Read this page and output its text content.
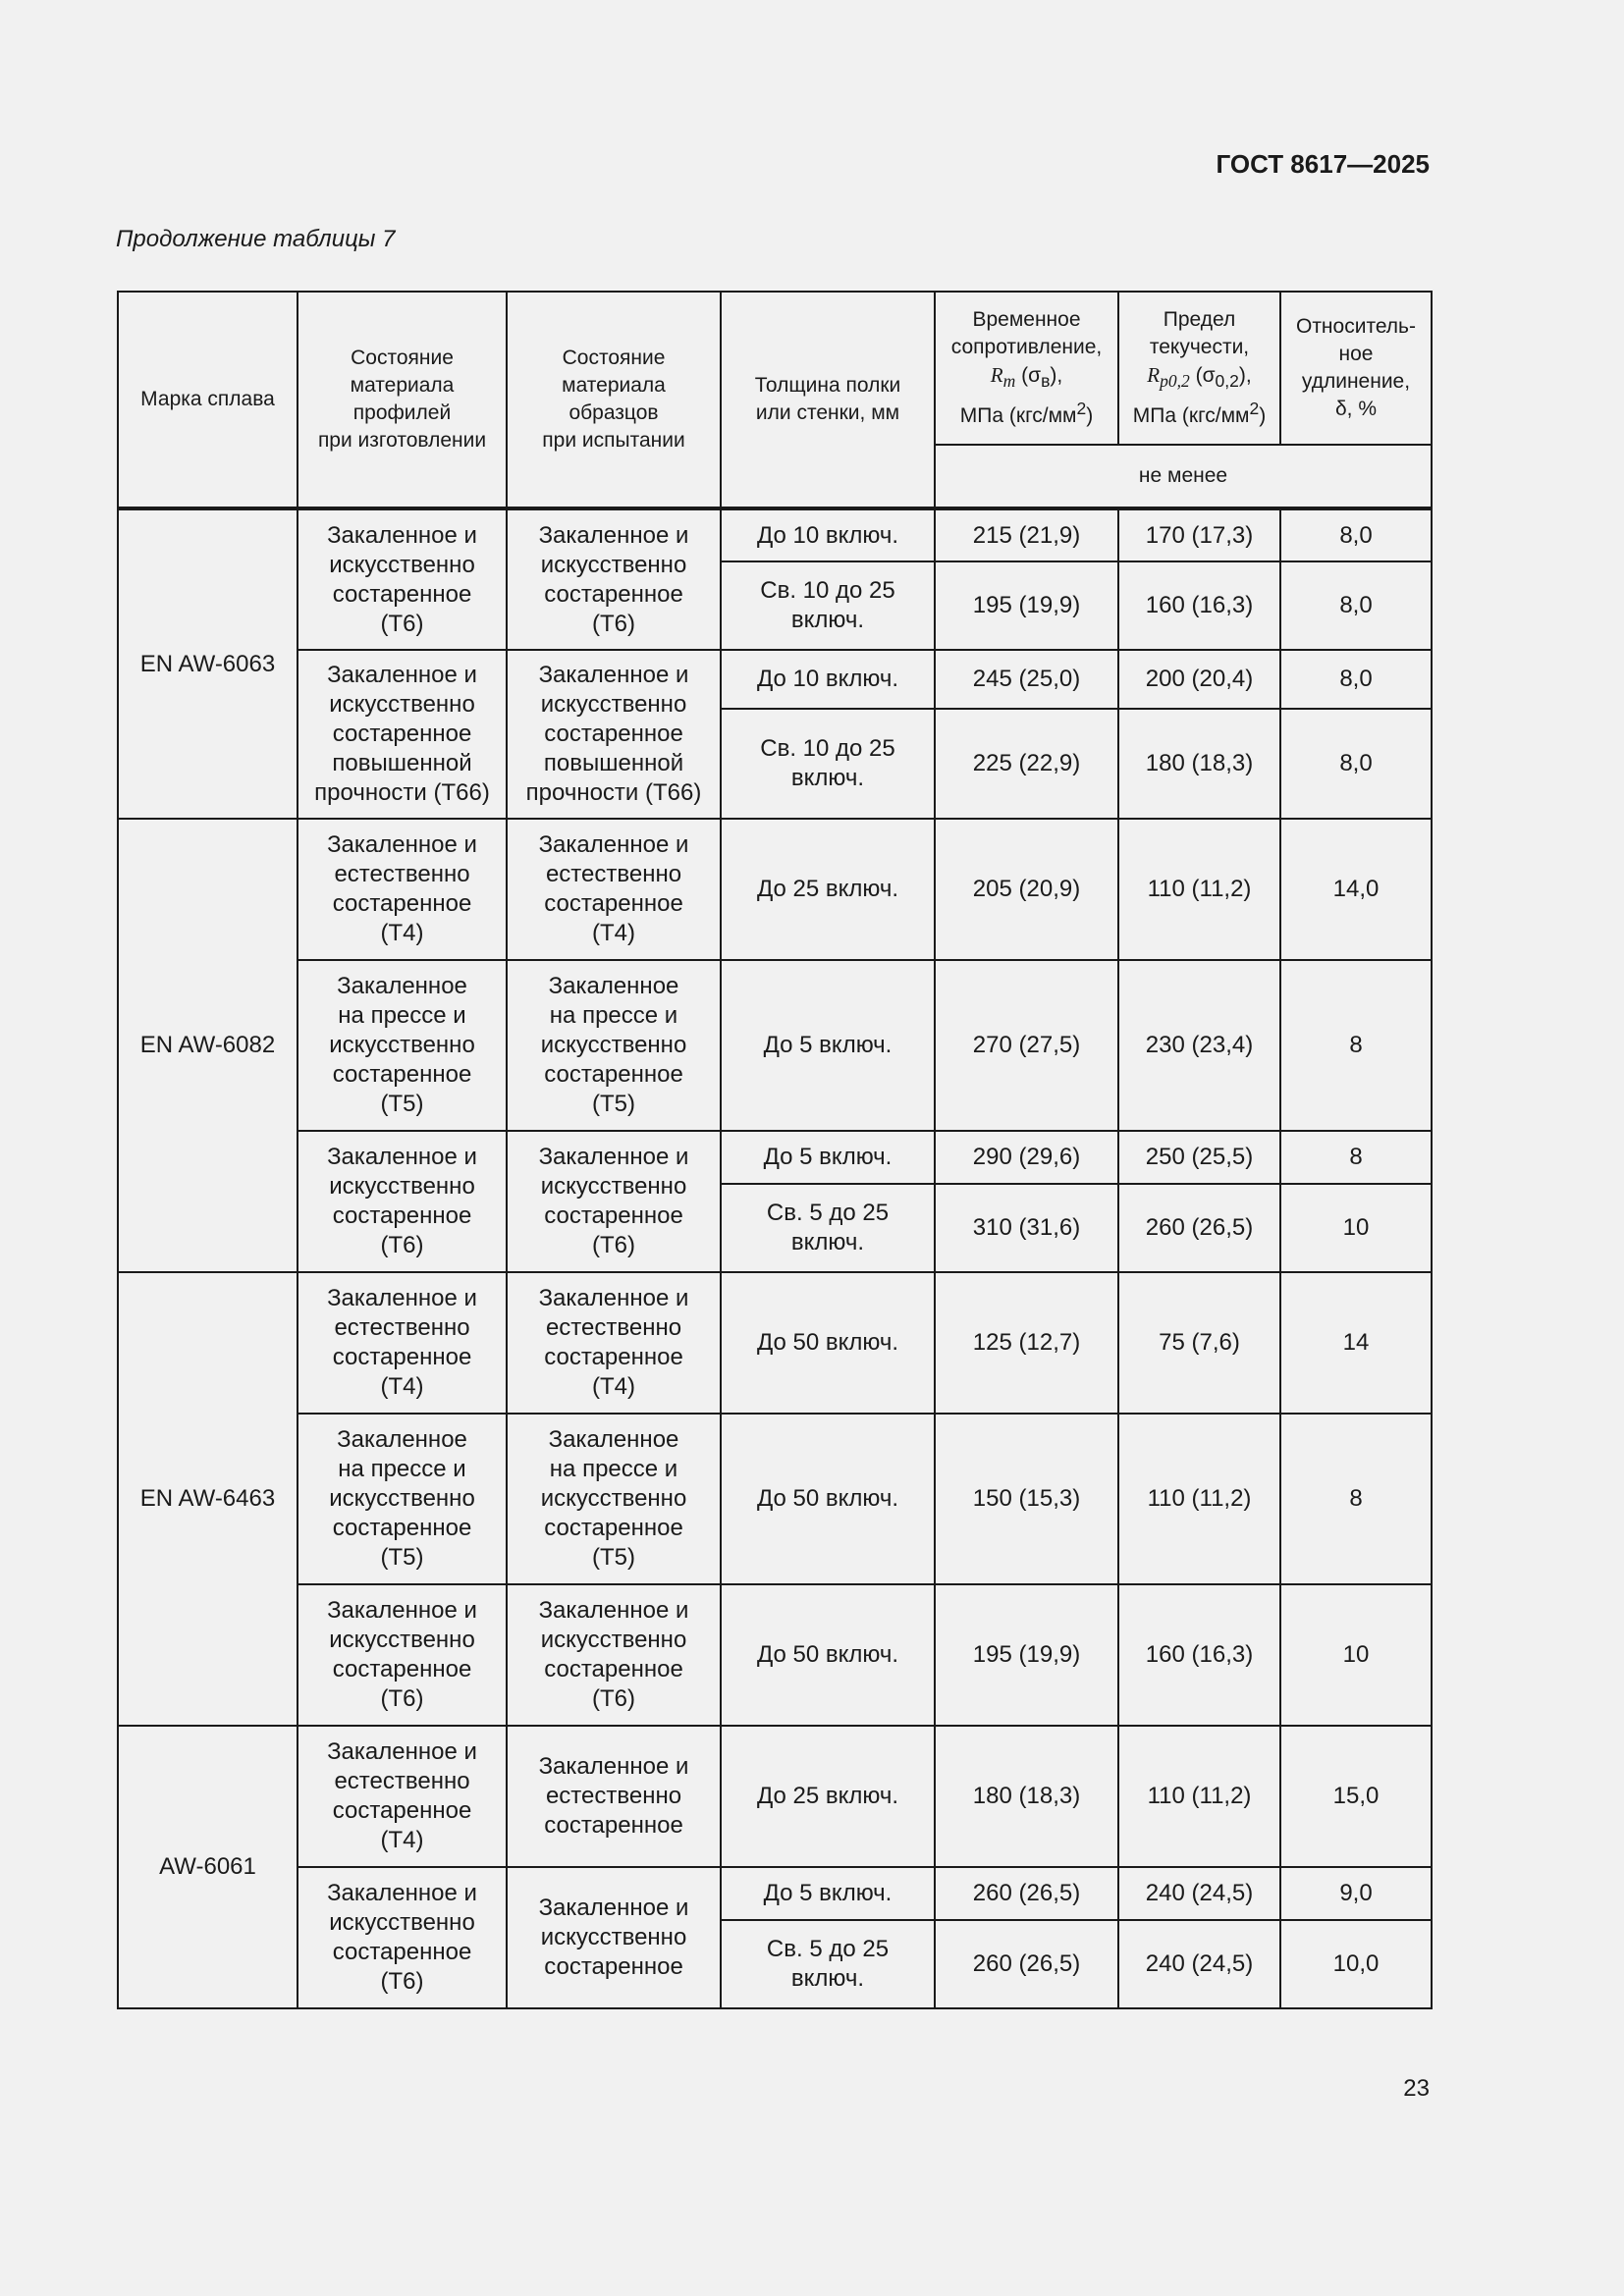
ГОСТ 8617—2025
Продолжение таблицы 7
Марка сплава	Состояние
материала
профилей
при изготовлении	Состояние
материала
образцов
при испытании	Толщина полки
или стенки, мм	Временное
сопротивление,
$R_m$ $(\sigma_в)$,
МПа $(кгс/мм^2)$	Предел
текучести,
$R_{p0,2}$ $(\sigma_{0,2})$,
МПа $(кгс/мм^2)$	Относитель-
ное
удлинение,
δ, %
				не менее		
EN AW-6063	Закаленное и
искусственно
состаренное
(Т6)	Закаленное и
искусственно
состаренное
(Т6)	До 10 включ.	215 (21,9)	170 (17,3)	8,0
			Св. 10 до 25
включ.	195 (19,9)	160 (16,3)	8,0
	Закаленное и
искусственно
состаренное
повышенной
прочности (Т66)	Закаленное и
искусственно
состаренное
повышенной
прочности (Т66)	До 10 включ.	245 (25,0)	200 (20,4)	8,0
			Св. 10 до 25
включ.	225 (22,9)	180 (18,3)	8,0
EN AW-6082	Закаленное и
естественно
состаренное
(Т4)	Закаленное и
естественно
состаренное
(Т4)	До 25 включ.	205 (20,9)	110 (11,2)	14,0
	Закаленное
на прессе и
искусственно
состаренное
(Т5)	Закаленное
на прессе и
искусственно
состаренное
(Т5)	До 5 включ.	270 (27,5)	230 (23,4)	8
	Закаленное и
искусственно
состаренное
(Т6)	Закаленное и
искусственно
состаренное
(Т6)	До 5 включ.	290 (29,6)	250 (25,5)	8
			Св. 5 до 25
включ.	310 (31,6)	260 (26,5)	10
EN AW-6463	Закаленное и
естественно
состаренное
(Т4)	Закаленное и
естественно
состаренное
(Т4)	До 50 включ.	125 (12,7)	75 (7,6)	14
	Закаленное
на прессе и
искусственно
состаренное
(Т5)	Закаленное
на прессе и
искусственно
состаренное
(Т5)	До 50 включ.	150 (15,3)	110 (11,2)	8
	Закаленное и
искусственно
состаренное
(Т6)	Закаленное и
искусственно
состаренное
(Т6)	До 50 включ.	195 (19,9)	160 (16,3)	10
AW-6061	Закаленное и
естественно
состаренное
(Т4)	Закаленное и
естественно
состаренное	До 25 включ.	180 (18,3)	110 (11,2)	15,0
	Закаленное и
искусственно
состаренное
(Т6)	Закаленное и
искусственно
состаренное	До 5 включ.	260 (26,5)	240 (24,5)	9,0
			Св. 5 до 25
включ.	260 (26,5)	240 (24,5)	10,0
23
